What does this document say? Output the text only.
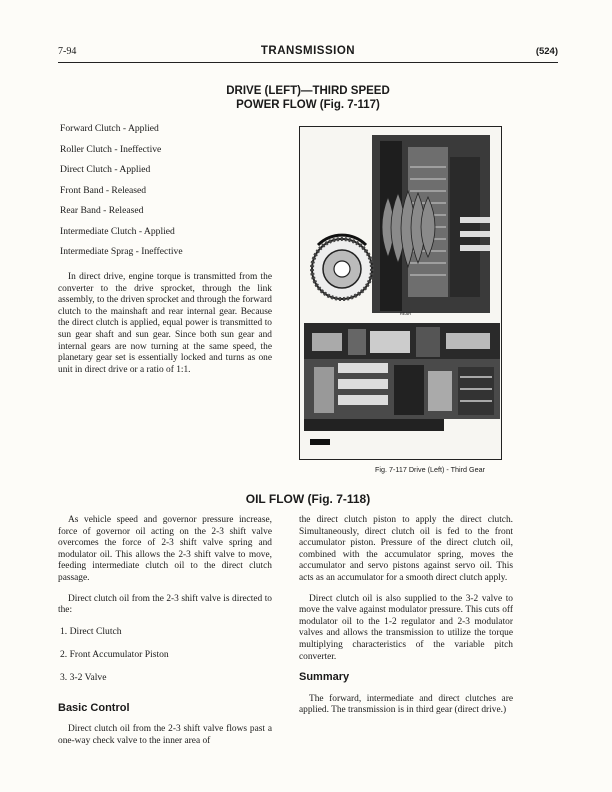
7-94	TRANSMISSION	(524)
DRIVE (LEFT)—THIRD SPEED
POWER FLOW (Fig. 7-117)
Forward Clutch - Applied
Roller Clutch - Ineffective
Direct Clutch - Applied
Front Band - Released
Rear Band - Released
Intermediate Clutch - Applied
Intermediate Sprag - Ineffective

In direct drive, engine torque is transmitted from the converter to the drive sprocket, through the link assembly, to the driven sprocket and through the forward clutch to the mainshaft and rear internal gear. Because the direct clutch is applied, equal power is transmitted to sun gear shaft and sun gear. Since both sun gear and internal gears are now turning at the same speed, the planetary gear set is essentially locked and turns as one unit in direct drive or a ratio of 1:1.

REAR
Fig. 7-117 Drive (Left) - Third Gear
OIL FLOW (Fig. 7-118)

As vehicle speed and governor pressure increase, force of governor oil acting on the 2-3 shift valve overcomes the force of 2-3 shift valve spring and modulator oil. This allows the 2-3 shift valve to move, feeding intermediate clutch oil to the direct clutch passage.

Direct clutch oil from the 2-3 shift valve is directed to the:

1. Direct Clutch
2. Front Accumulator Piston
3. 3-2 Valve
Basic Control

Direct clutch oil from the 2-3 shift valve flows past a one-way check valve to the inner area of

the direct clutch piston to apply the direct clutch. Simultaneously, direct clutch oil is fed to the front accumulator piston. Pressure of the direct clutch oil, combined with the accumulator spring, moves the accumulator and servo pistons against servo oil. This acts as an accumulator for a smooth direct clutch apply.

Direct clutch oil is also supplied to the 3-2 valve to move the valve against modulator pressure. This cuts off modulator oil to the 1-2 regulator and 2-3 modulator valves and allows the transmission to utilize the torque multiplying characteristics of the variable pitch converter.

Summary

The forward, intermediate and direct clutches are applied. The transmission is in third gear (direct drive.)
